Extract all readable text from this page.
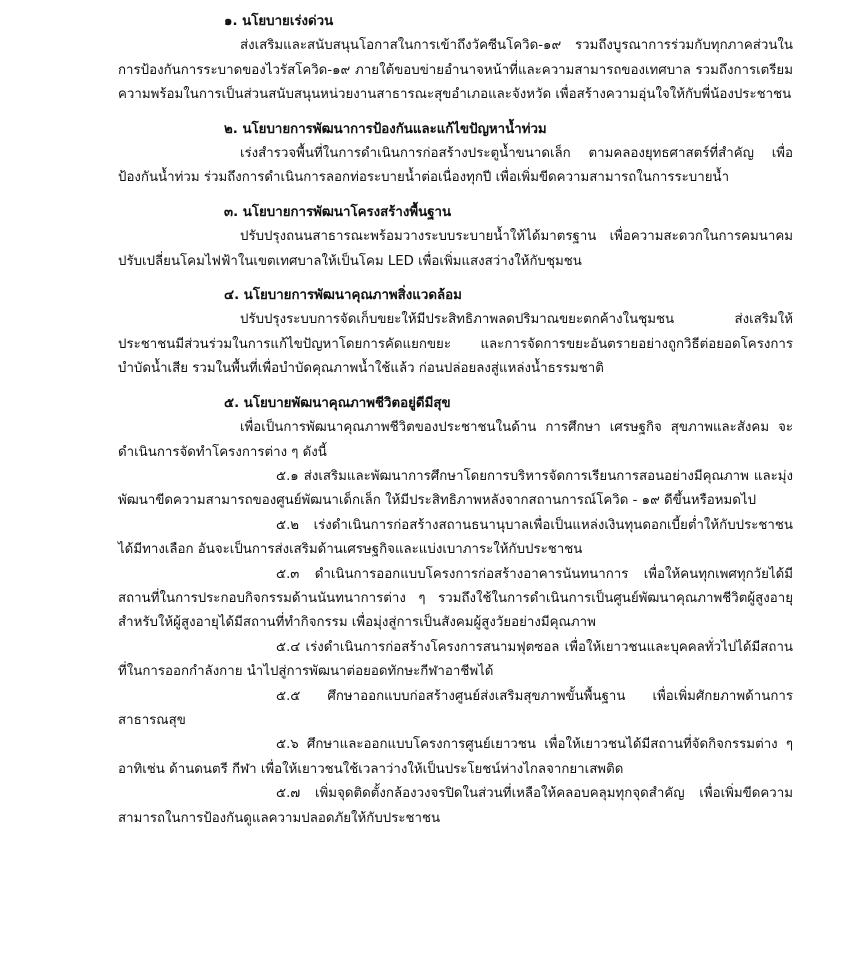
๑. นโยบายเร่งด่วน
ส่งเสริมและสนับสนุนโอกาสในการเข้าถึงวัคซีนโควิด-๑๙ รวมถึงบูรณาการร่วมกับทุกภาคส่วนในการป้องกันการระบาดของไวรัสโควิด-๑๙ ภายใต้ขอบข่ายอำนาจหน้าที่และความสามารถของเทศบาล รวมถึงการเตรียมความพร้อมในการเป็นส่วนสนับสนุนหน่วยงานสาธารณะสุขอำเภอและจังหวัด เพื่อสร้างความอุ่นใจให้กับพี่น้องประชาชน
๒. นโยบายการพัฒนาการป้องกันและแก้ไขปัญหาน้ำท่วม
เร่งสำรวจพื้นที่ในการดำเนินการก่อสร้างประตูน้ำขนาดเล็ก ตามคลองยุทธศาสตร์ที่สำคัญ เพื่อป้องกันน้ำท่วม ร่วมถึงการดำเนินการลอกท่อระบายน้ำต่อเนื่องทุกปี เพื่อเพิ่มขีดความสามารถในการระบายน้ำ
๓. นโยบายการพัฒนาโครงสร้างพื้นฐาน
ปรับปรุงถนนสาธารณะพร้อมวางระบบระบายน้ำให้ได้มาตรฐาน เพื่อความสะดวกในการคมนาคม ปรับเปลี่ยนโคมไฟฟ้าในเขตเทศบาลให้เป็นโคม LED เพื่อเพิ่มแสงสว่างให้กับชุมชน
๔. นโยบายการพัฒนาคุณภาพสิ่งแวดล้อม
ปรับปรุงระบบการจัดเก็บขยะให้มีประสิทธิภาพลดปริมาณขยะตกค้างในชุมชน ส่งเสริมให้ประชาชนมีส่วนร่วมในการแก้ไขปัญหาโดยการคัดแยกขยะ และการจัดการขยะอันตรายอย่างถูกวิธีต่อยอดโครงการบำบัดน้ำเสีย รวมในพื้นที่เพื่อบำบัดคุณภาพน้ำใช้แล้ว ก่อนปล่อยลงสู่แหล่งน้ำธรรมชาติ
๕. นโยบายพัฒนาคุณภาพชีวิตอยู่ดีมีสุข
เพื่อเป็นการพัฒนาคุณภาพชีวิตของประชาชนในด้าน การศึกษา เศรษฐกิจ สุขภาพและสังคม จะดำเนินการจัดทำโครงการต่าง ๆ ดังนี้
๕.๑ ส่งเสริมและพัฒนาการศึกษาโดยการบริหารจัดการเรียนการสอนอย่างมีคุณภาพ และมุ่งพัฒนาขีดความสามารถของศูนย์พัฒนาเด็กเล็ก ให้มีประสิทธิภาพหลังจากสถานการณ์โควิด - ๑๙ ดีขึ้นหรือหมดไป
๕.๒ เร่งดำเนินการก่อสร้างสถานธนานุบาลเพื่อเป็นแหล่งเงินทุนดอกเบี้ยต่ำให้กับประชาชนได้มีทางเลือก อันจะเป็นการส่งเสริมด้านเศรษฐกิจและแบ่งเบาภาระให้กับประชาชน
๕.๓ ดำเนินการออกแบบโครงการก่อสร้างอาคารนันทนาการ เพื่อให้คนทุกเพศทุกวัยได้มีสถานที่ในการประกอบกิจกรรมด้านนันทนาการต่าง ๆ รวมถึงใช้ในการดำเนินการเป็นศูนย์พัฒนาคุณภาพชีวิตผู้สูงอายุ สำหรับให้ผู้สูงอายุได้มีสถานที่ทำกิจกรรม เพื่อมุ่งสู่การเป็นสังคมผู้สูงวัยอย่างมีคุณภาพ
๕.๔ เร่งดำเนินการก่อสร้างโครงการสนามฟุตซอล เพื่อให้เยาวชนและบุคคลทั่วไปได้มีสถานที่ในการออกกำลังกาย นำไปสู่การพัฒนาต่อยอดทักษะกีฬาอาชีพได้
๕.๕ ศึกษาออกแบบก่อสร้างศูนย์ส่งเสริมสุขภาพขั้นพื้นฐาน เพื่อเพิ่มศักยภาพด้านการสาธารณสุข
๕.๖ ศึกษาและออกแบบโครงการศูนย์เยาวชน เพื่อให้เยาวชนได้มีสถานที่จัดกิจกรรมต่าง ๆ อาทิเช่น ด้านดนตรี กีฬา เพื่อให้เยาวชนใช้เวลาว่างให้เป็นประโยชน์ห่างไกลจากยาเสพติด
๕.๗ เพิ่มจุดติดตั้งกล้องวงจรปิดในส่วนที่เหลือให้คลอบคลุมทุกจุดสำคัญ เพื่อเพิ่มขีดความสามารถในการป้องกันดูแลความปลอดภัยให้กับประชาชน
